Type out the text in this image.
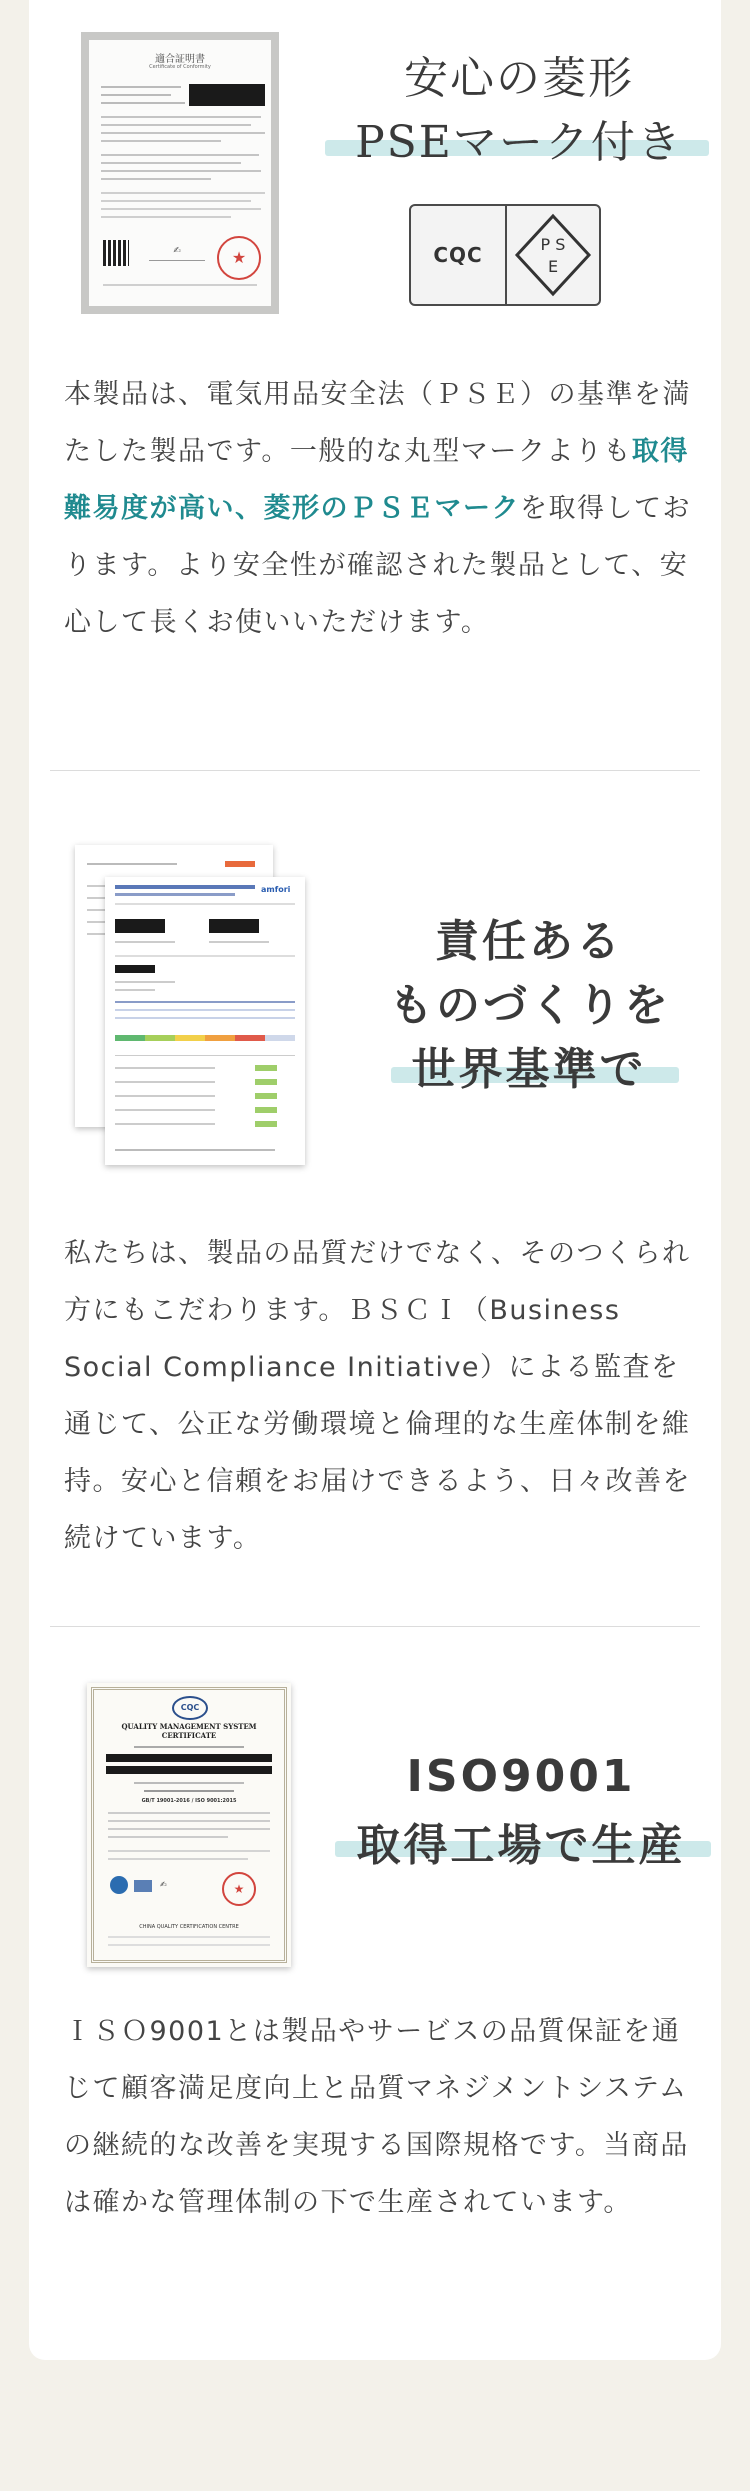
適合証明書
Certificate of Conformity
✍	★
安心の菱形
PSEマーク付き
CQC	P S
E
本製品は、電気用品安全法（ＰＳＥ）の基準を満たした製品です。一般的な丸型マークよりも取得難易度が高い、菱形のＰＳＥマークを取得しております。より安全性が確認された製品として、安心して長くお使いいただけます。
amfori
責任ある
ものづくりを
世界基準で
私たちは、製品の品質だけでなく、そのつくられ方にもこだわります。ＢＳＣＩ（Business Social Compliance Initiative）による監査を通じて、公正な労働環境と倫理的な生産体制を維持。安心と信頼をお届けできるよう、日々改善を続けています。
CQC
QUALITY MANAGEMENT SYSTEM CERTIFICATE
GB/T 19001-2016 / ISO 9001:2015
✍	★
CHINA QUALITY CERTIFICATION CENTRE
ISO9001
取得工場で生産
ＩＳＯ9001とは製品やサービスの品質保証を通じて顧客満足度向上と品質マネジメントシステムの継続的な改善を実現する国際規格です。当商品は確かな管理体制の下で生産されています。
